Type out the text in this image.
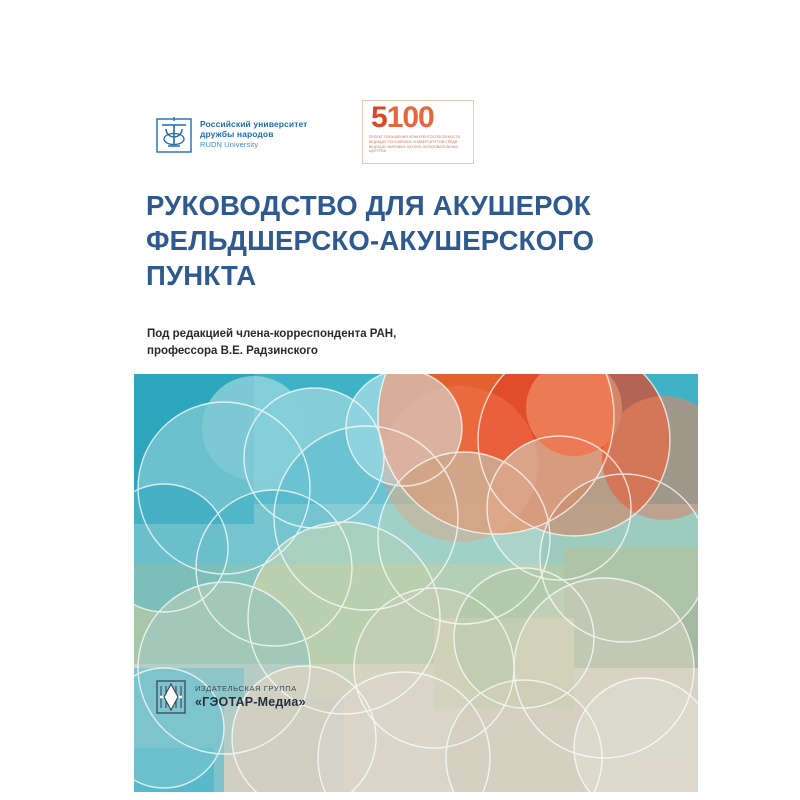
Российский университет
дружбы народов
RUDN University
5100
ПРОЕКТ ПОВЫШЕНИЯ КОНКУРЕНТОСПОСОБНОСТИ ВЕДУЩИХ РОССИЙСКИХ УНИВЕРСИТЕТОВ СРЕДИ ВЕДУЩИХ МИРОВЫХ НАУЧНО-ОБРАЗОВАТЕЛЬНЫХ ЦЕНТРОВ
РУКОВОДСТВО ДЛЯ АКУШЕРОК
ФЕЛЬДШЕРСКО-АКУШЕРСКОГО
ПУНКТА
Под редакцией члена-корреспондента РАН,
профессора В.Е. Радзинского
ИЗДАТЕЛЬСКАЯ ГРУППА
«ГЭОТАР-Медиа»
